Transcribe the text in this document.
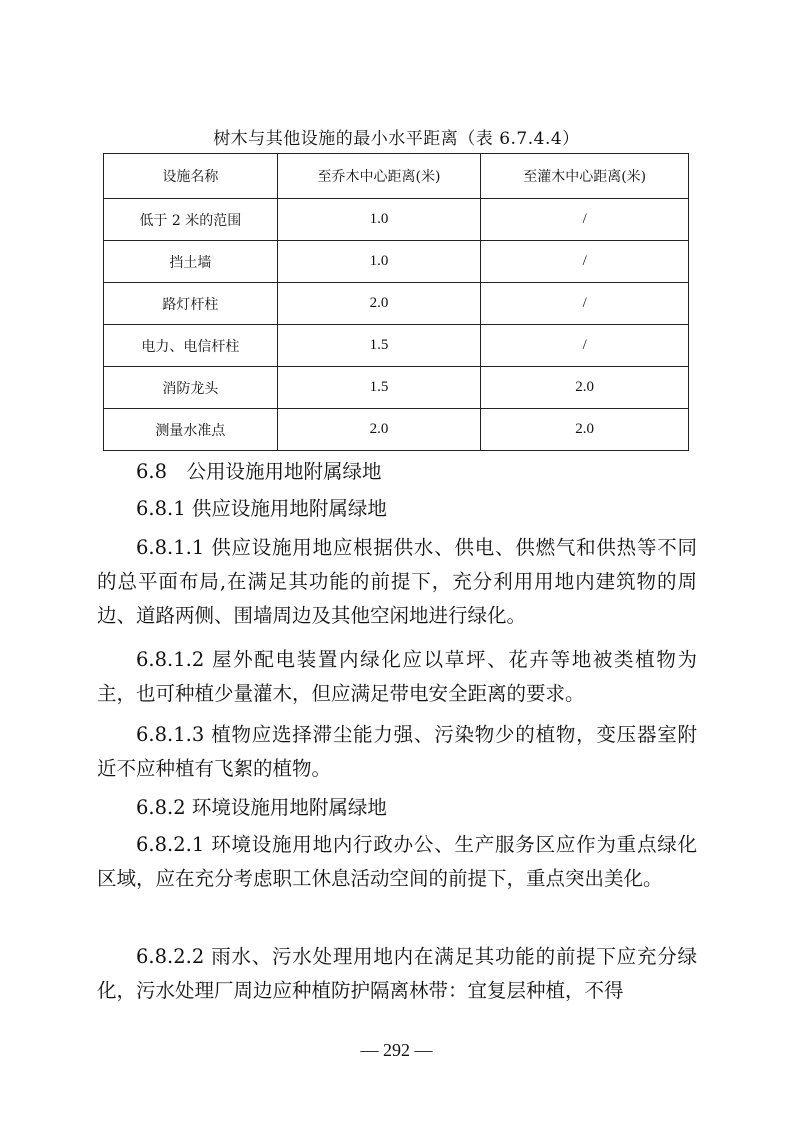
树木与其他设施的最小水平距离（表 6.7.4.4）
设施名称	至乔木中心距离(米)	至灌木中心距离(米)
低于 2 米的范围	1.0	/
挡土墙	1.0	/
路灯杆柱	2.0	/
电力、电信杆柱	1.5	/
消防龙头	1.5	2.0
测量水准点	2.0	2.0
6.8　公用设施用地附属绿地
6.8.1 供应设施用地附属绿地
6.8.1.1 供应设施用地应根据供水、供电、供燃气和供热等不同的总平面布局,在满足其功能的前提下，充分利用用地内建筑物的周边、道路两侧、围墙周边及其他空闲地进行绿化。
6.8.1.2 屋外配电装置内绿化应以草坪、花卉等地被类植物为主，也可种植少量灌木，但应满足带电安全距离的要求。
6.8.1.3 植物应选择滞尘能力强、污染物少的植物，变压器室附近不应种植有飞絮的植物。
6.8.2 环境设施用地附属绿地
6.8.2.1 环境设施用地内行政办公、生产服务区应作为重点绿化区域，应在充分考虑职工休息活动空间的前提下，重点突出美化。
6.8.2.2 雨水、污水处理用地内在满足其功能的前提下应充分绿化，污水处理厂周边应种植防护隔离林带：宜复层种植，不得
— 292 —
